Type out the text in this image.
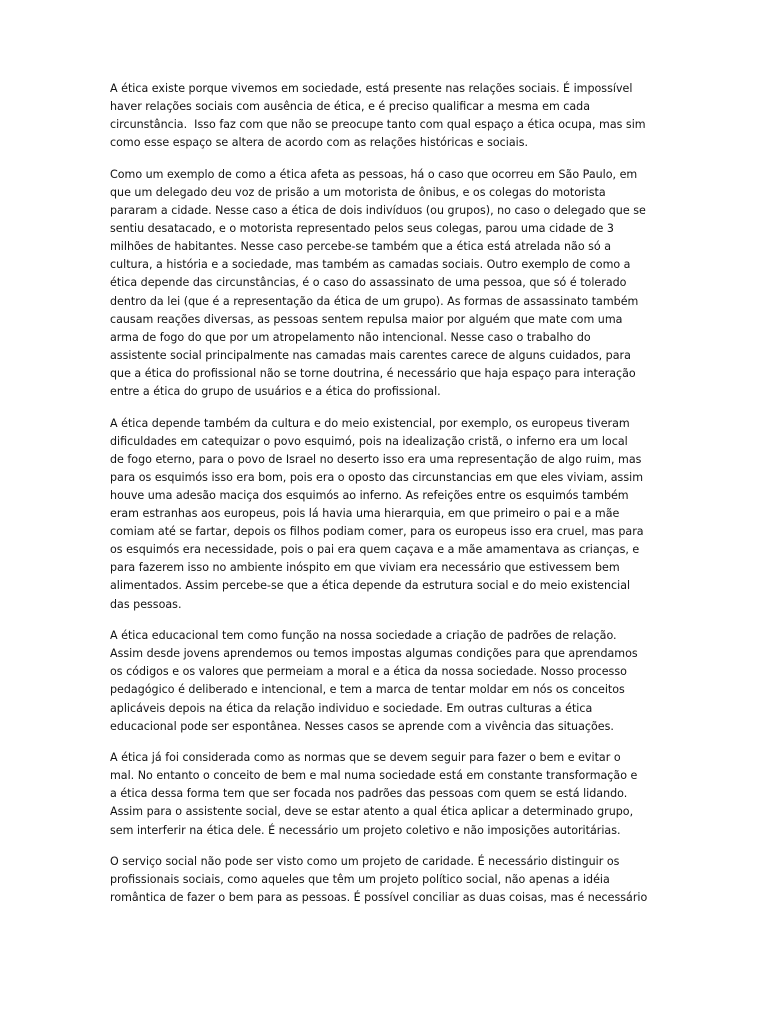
A ética existe porque vivemos em sociedade, está presente nas relações sociais. É impossível
haver relações sociais com ausência de ética, e é preciso qualificar a mesma em cada
circunstância.  Isso faz com que não se preocupe tanto com qual espaço a ética ocupa, mas sim
como esse espaço se altera de acordo com as relações históricas e sociais.

Como um exemplo de como a ética afeta as pessoas, há o caso que ocorreu em São Paulo, em
que um delegado deu voz de prisão a um motorista de ônibus, e os colegas do motorista
pararam a cidade. Nesse caso a ética de dois indivíduos (ou grupos), no caso o delegado que se
sentiu desatacado, e o motorista representado pelos seus colegas, parou uma cidade de 3
milhões de habitantes. Nesse caso percebe-se também que a ética está atrelada não só a
cultura, a história e a sociedade, mas também as camadas sociais. Outro exemplo de como a
ética depende das circunstâncias, é o caso do assassinato de uma pessoa, que só é tolerado
dentro da lei (que é a representação da ética de um grupo). As formas de assassinato também
causam reações diversas, as pessoas sentem repulsa maior por alguém que mate com uma
arma de fogo do que por um atropelamento não intencional. Nesse caso o trabalho do
assistente social principalmente nas camadas mais carentes carece de alguns cuidados, para
que a ética do profissional não se torne doutrina, é necessário que haja espaço para interação
entre a ética do grupo de usuários e a ética do profissional.

A ética depende também da cultura e do meio existencial, por exemplo, os europeus tiveram
dificuldades em catequizar o povo esquimó, pois na idealização cristã, o inferno era um local
de fogo eterno, para o povo de Israel no deserto isso era uma representação de algo ruim, mas
para os esquimós isso era bom, pois era o oposto das circunstancias em que eles viviam, assim
houve uma adesão maciça dos esquimós ao inferno. As refeições entre os esquimós também
eram estranhas aos europeus, pois lá havia uma hierarquia, em que primeiro o pai e a mãe
comiam até se fartar, depois os filhos podiam comer, para os europeus isso era cruel, mas para
os esquimós era necessidade, pois o pai era quem caçava e a mãe amamentava as crianças, e
para fazerem isso no ambiente inóspito em que viviam era necessário que estivessem bem
alimentados. Assim percebe-se que a ética depende da estrutura social e do meio existencial
das pessoas.

A ética educacional tem como função na nossa sociedade a criação de padrões de relação.
Assim desde jovens aprendemos ou temos impostas algumas condições para que aprendamos
os códigos e os valores que permeiam a moral e a ética da nossa sociedade. Nosso processo
pedagógico é deliberado e intencional, e tem a marca de tentar moldar em nós os conceitos
aplicáveis depois na ética da relação individuo e sociedade. Em outras culturas a ética
educacional pode ser espontânea. Nesses casos se aprende com a vivência das situações.

A ética já foi considerada como as normas que se devem seguir para fazer o bem e evitar o
mal. No entanto o conceito de bem e mal numa sociedade está em constante transformação e
a ética dessa forma tem que ser focada nos padrões das pessoas com quem se está lidando.
Assim para o assistente social, deve se estar atento a qual ética aplicar a determinado grupo,
sem interferir na ética dele. É necessário um projeto coletivo e não imposições autoritárias.

O serviço social não pode ser visto como um projeto de caridade. É necessário distinguir os
profissionais sociais, como aqueles que têm um projeto político social, não apenas a idéia
romântica de fazer o bem para as pessoas. É possível conciliar as duas coisas, mas é necessário
